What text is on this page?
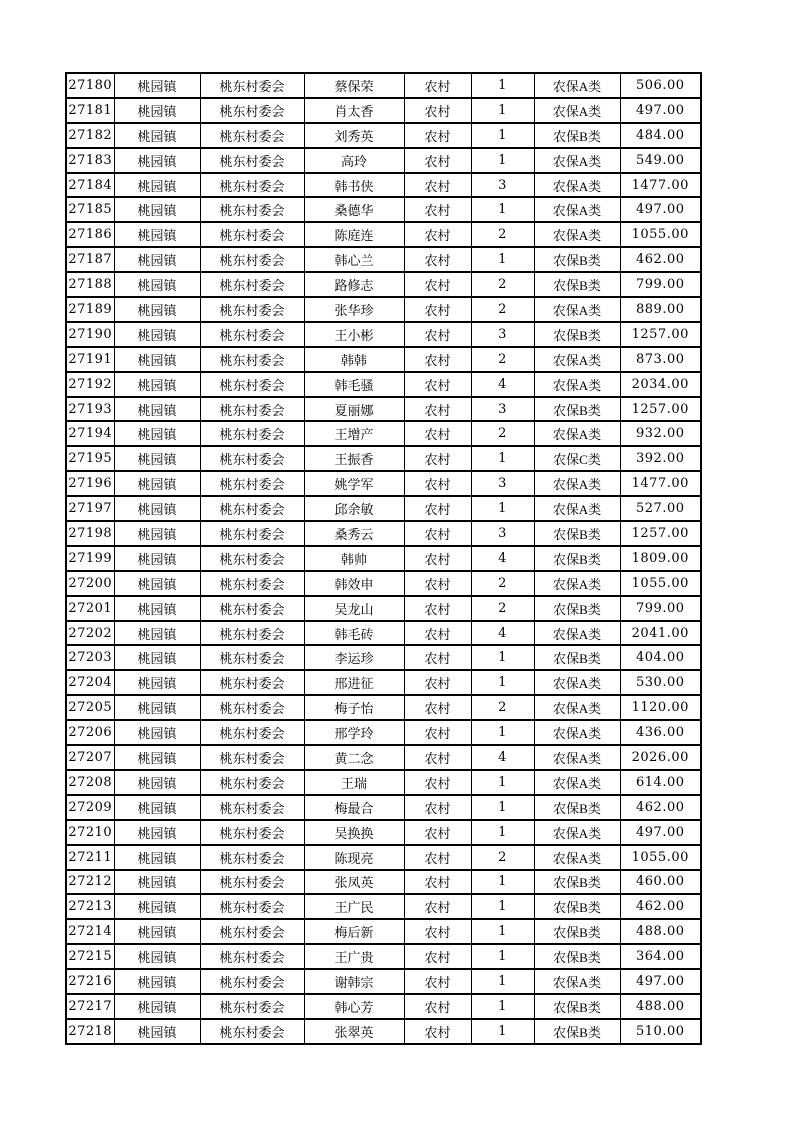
27180	桃园镇	桃东村委会	蔡保荣	农村	1	农保A类	506.00
27181	桃园镇	桃东村委会	肖太香	农村	1	农保A类	497.00
27182	桃园镇	桃东村委会	刘秀英	农村	1	农保B类	484.00
27183	桃园镇	桃东村委会	高玲	农村	1	农保A类	549.00
27184	桃园镇	桃东村委会	韩书侠	农村	3	农保A类	1477.00
27185	桃园镇	桃东村委会	桑德华	农村	1	农保A类	497.00
27186	桃园镇	桃东村委会	陈庭连	农村	2	农保A类	1055.00
27187	桃园镇	桃东村委会	韩心兰	农村	1	农保B类	462.00
27188	桃园镇	桃东村委会	路修志	农村	2	农保B类	799.00
27189	桃园镇	桃东村委会	张华珍	农村	2	农保A类	889.00
27190	桃园镇	桃东村委会	王小彬	农村	3	农保B类	1257.00
27191	桃园镇	桃东村委会	韩韩	农村	2	农保A类	873.00
27192	桃园镇	桃东村委会	韩毛骚	农村	4	农保A类	2034.00
27193	桃园镇	桃东村委会	夏丽娜	农村	3	农保B类	1257.00
27194	桃园镇	桃东村委会	王增产	农村	2	农保A类	932.00
27195	桃园镇	桃东村委会	王振香	农村	1	农保C类	392.00
27196	桃园镇	桃东村委会	姚学军	农村	3	农保A类	1477.00
27197	桃园镇	桃东村委会	邱余敏	农村	1	农保A类	527.00
27198	桃园镇	桃东村委会	桑秀云	农村	3	农保B类	1257.00
27199	桃园镇	桃东村委会	韩帅	农村	4	农保B类	1809.00
27200	桃园镇	桃东村委会	韩效申	农村	2	农保A类	1055.00
27201	桃园镇	桃东村委会	吴龙山	农村	2	农保B类	799.00
27202	桃园镇	桃东村委会	韩毛砖	农村	4	农保A类	2041.00
27203	桃园镇	桃东村委会	李运珍	农村	1	农保B类	404.00
27204	桃园镇	桃东村委会	邢进征	农村	1	农保A类	530.00
27205	桃园镇	桃东村委会	梅子怡	农村	2	农保A类	1120.00
27206	桃园镇	桃东村委会	邢学玲	农村	1	农保A类	436.00
27207	桃园镇	桃东村委会	黄二念	农村	4	农保A类	2026.00
27208	桃园镇	桃东村委会	王瑞	农村	1	农保A类	614.00
27209	桃园镇	桃东村委会	梅最合	农村	1	农保B类	462.00
27210	桃园镇	桃东村委会	吴换换	农村	1	农保A类	497.00
27211	桃园镇	桃东村委会	陈现亮	农村	2	农保A类	1055.00
27212	桃园镇	桃东村委会	张凤英	农村	1	农保B类	460.00
27213	桃园镇	桃东村委会	王广民	农村	1	农保B类	462.00
27214	桃园镇	桃东村委会	梅后新	农村	1	农保B类	488.00
27215	桃园镇	桃东村委会	王广贵	农村	1	农保B类	364.00
27216	桃园镇	桃东村委会	谢韩宗	农村	1	农保A类	497.00
27217	桃园镇	桃东村委会	韩心芳	农村	1	农保B类	488.00
27218	桃园镇	桃东村委会	张翠英	农村	1	农保B类	510.00
